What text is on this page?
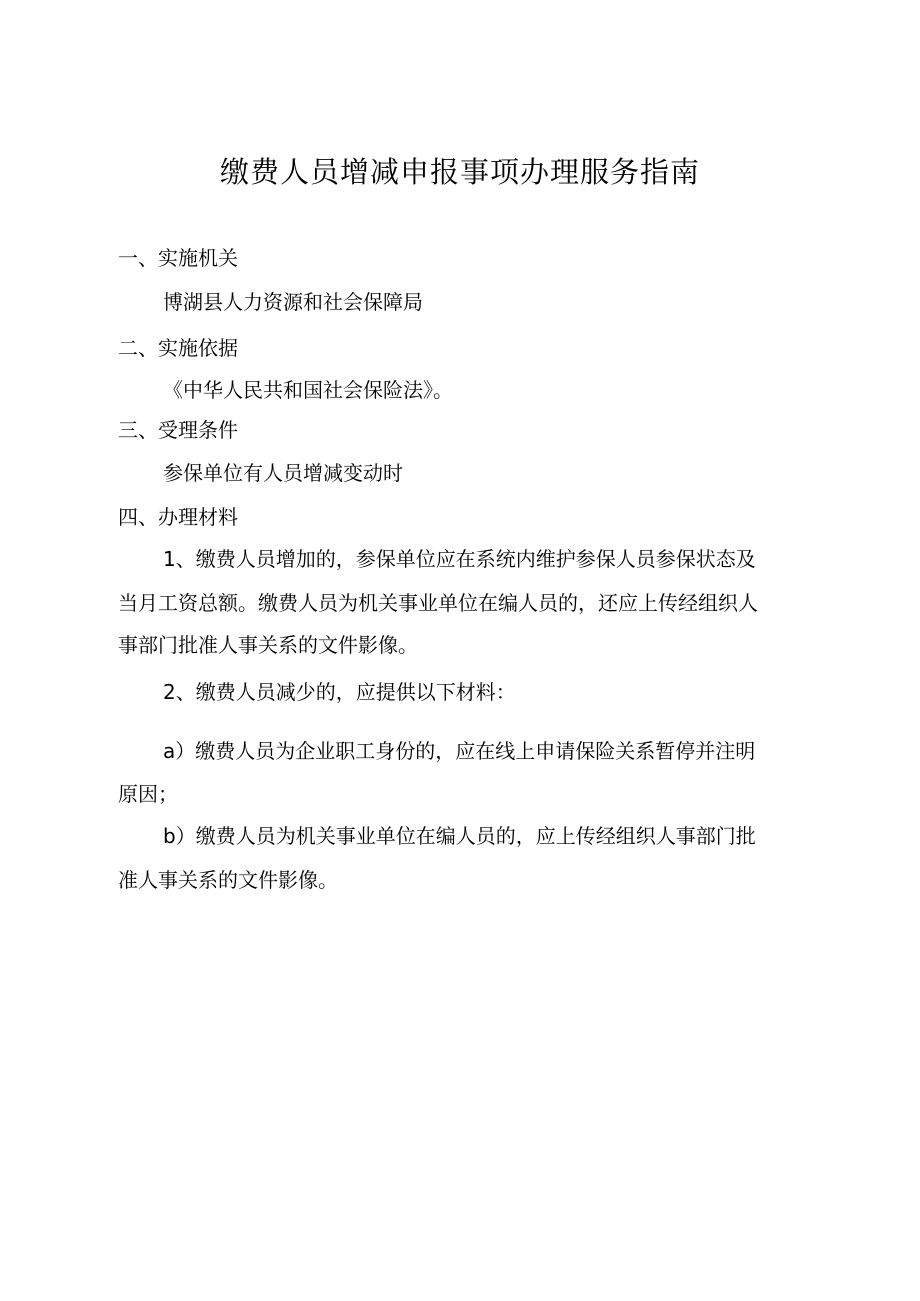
缴费人员增减申报事项办理服务指南
一、实施机关
博湖县人力资源和社会保障局
二、实施依据
《中华人民共和国社会保险法》。
三、受理条件
参保单位有人员增减变动时
四、办理材料
1、缴费人员增加的，参保单位应在系统内维护参保人员参保状态及
当月工资总额。缴费人员为机关事业单位在编人员的，还应上传经组织人
事部门批准人事关系的文件影像。
2、缴费人员减少的，应提供以下材料：
a）缴费人员为企业职工身份的，应在线上申请保险关系暂停并注明
原因；
b）缴费人员为机关事业单位在编人员的，应上传经组织人事部门批
准人事关系的文件影像。
